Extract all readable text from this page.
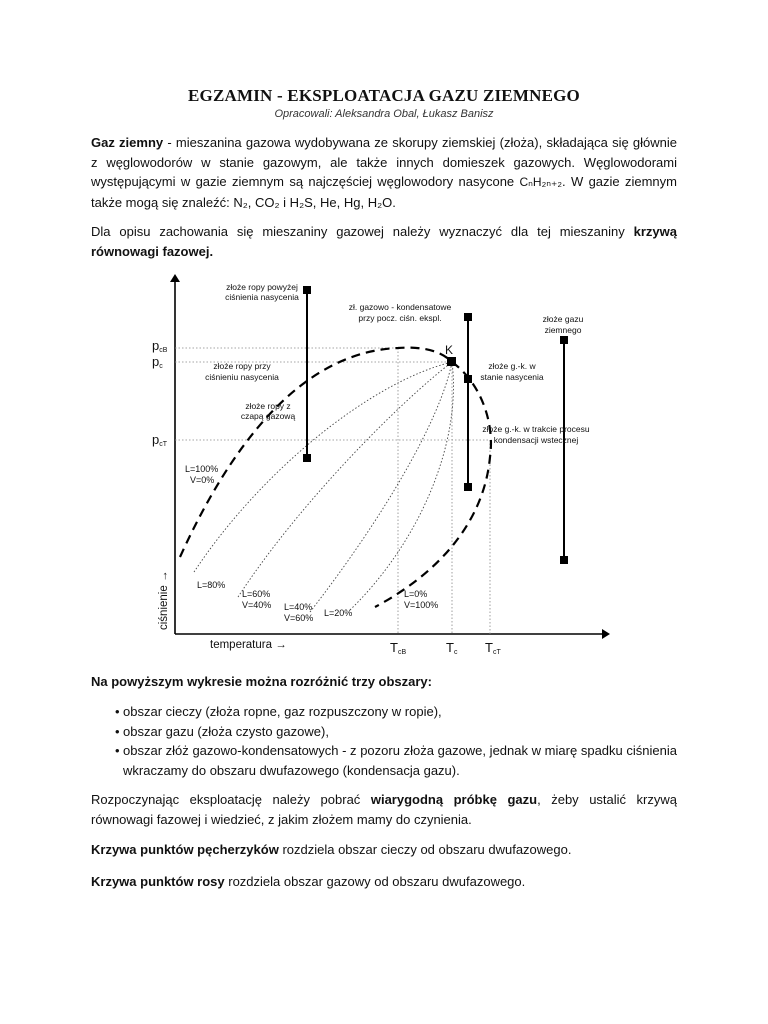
EGZAMIN - EKSPLOATACJA GAZU ZIEMNEGO
Opracowali: Aleksandra Obal, Łukasz Banisz
Gaz ziemny - mieszanina gazowa wydobywana ze skorupy ziemskiej (złoża), składająca się głównie z węglowodorów w stanie gazowym, ale także innych domieszek gazowych. Węglowodorami występującymi w gazie ziemnym są najczęściej węglowodory nasycone CₙH₂ₙ₊₂. W gazie ziemnym także mogą się znaleźć: N₂, CO₂ i H₂S, He, Hg, H₂O.
Dla opisu zachowania się mieszaniny gazowej należy wyznaczyć dla tej mieszaniny krzywą równowagi fazowej.
pcB
pc
pcT
TcB	Tc TcT
K
temperatura →
ciśnienie →
L=100%
V=0%
L=80%
L=60%
V=40% L=40%
V=60% L=20%
L=0%
V=100%
złoże ropy powyżej
ciśnienia nasycenia
złoże ropy przy
ciśnieniu nasycenia
złoże ropy z
czapą gazową
zł. gazowo - kondensatowe
przy pocz. ciśn. ekspl.
złoże g.-k. w
stanie nasycenia
złoże g.-k. w trakcie procesu
kondensacji wstecznej
złoże gazu
ziemnego
Na powyższym wykresie można rozróżnić trzy obszary:
• obszar cieczy (złoża ropne, gaz rozpuszczony w ropie),
• obszar gazu (złoża czysto gazowe),
• obszar złóż gazowo-kondensatowych - z pozoru złoża gazowe, jednak w miarę spadku ciśnienia wkraczamy do obszaru dwufazowego (kondensacja gazu).
Rozpoczynając eksploatację należy pobrać wiarygodną próbkę gazu, żeby ustalić krzywą równowagi fazowej i wiedzieć, z jakim złożem mamy do czynienia.
Krzywa punktów pęcherzyków rozdziela obszar cieczy od obszaru dwufazowego.
Krzywa punktów rosy rozdziela obszar gazowy od obszaru dwufazowego.
